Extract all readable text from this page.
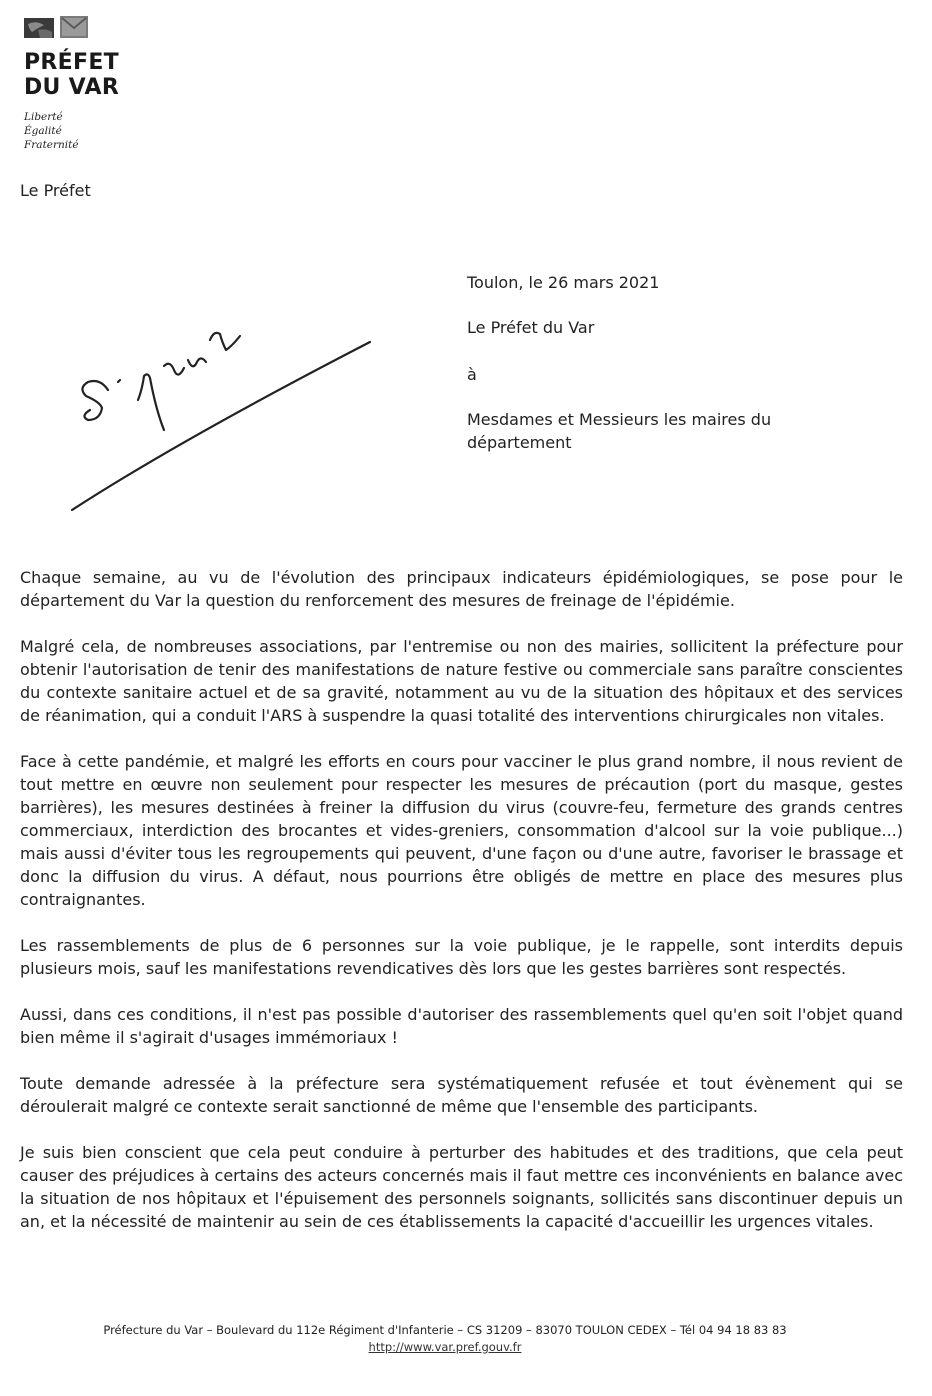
PRÉFET
DU VAR
Liberté
Égalité
Fraternité
Le Préfet
Toulon, le 26 mars 2021
Le Préfet du Var
à
Mesdames et Messieurs les maires du département

Chaque semaine, au vu de l'évolution des principaux indicateurs épidémiologiques, se pose pour le département du Var la question du renforcement des mesures de freinage de l'épidémie.

Malgré cela, de nombreuses associations, par l'entremise ou non des mairies, sollicitent la préfecture pour obtenir l'autorisation de tenir des manifestations de nature festive ou commerciale sans paraître conscientes du contexte sanitaire actuel et de sa gravité, notamment au vu de la situation des hôpitaux et des services de réanimation, qui a conduit l'ARS à suspendre la quasi totalité des interventions chirurgicales non vitales.

Face à cette pandémie, et malgré les efforts en cours pour vacciner le plus grand nombre, il nous revient de tout mettre en œuvre non seulement pour respecter les mesures de précaution (port du masque, gestes barrières), les mesures destinées à freiner la diffusion du virus (couvre-feu, fermeture des grands centres commerciaux, interdiction des brocantes et vides-greniers, consommation d'alcool sur la voie publique...) mais aussi d'éviter tous les regroupements qui peuvent, d'une façon ou d'une autre, favoriser le brassage et donc la diffusion du virus. A défaut, nous pourrions être obligés de mettre en place des mesures plus contraignantes.

Les rassemblements de plus de 6 personnes sur la voie publique, je le rappelle, sont interdits depuis plusieurs mois, sauf les manifestations revendicatives dès lors que les gestes barrières sont respectés.

Aussi, dans ces conditions, il n'est pas possible d'autoriser des rassemblements quel qu'en soit l'objet quand bien même il s'agirait d'usages immémoriaux !

Toute demande adressée à la préfecture sera systématiquement refusée et tout évènement qui se déroulerait malgré ce contexte serait sanctionné de même que l'ensemble des participants.

Je suis bien conscient que cela peut conduire à perturber des habitudes et des traditions, que cela peut causer des préjudices à certains des acteurs concernés mais il faut mettre ces inconvénients en balance avec la situation de nos hôpitaux et l'épuisement des personnels soignants, sollicités sans discontinuer depuis un an, et la nécessité de maintenir au sein de ces établissements la capacité d'accueillir les urgences vitales.

Préfecture du Var – Boulevard du 112e Régiment d'Infanterie – CS 31209 – 83070 TOULON CEDEX – Tél 04 94 18 83 83
http://www.var.pref.gouv.fr
